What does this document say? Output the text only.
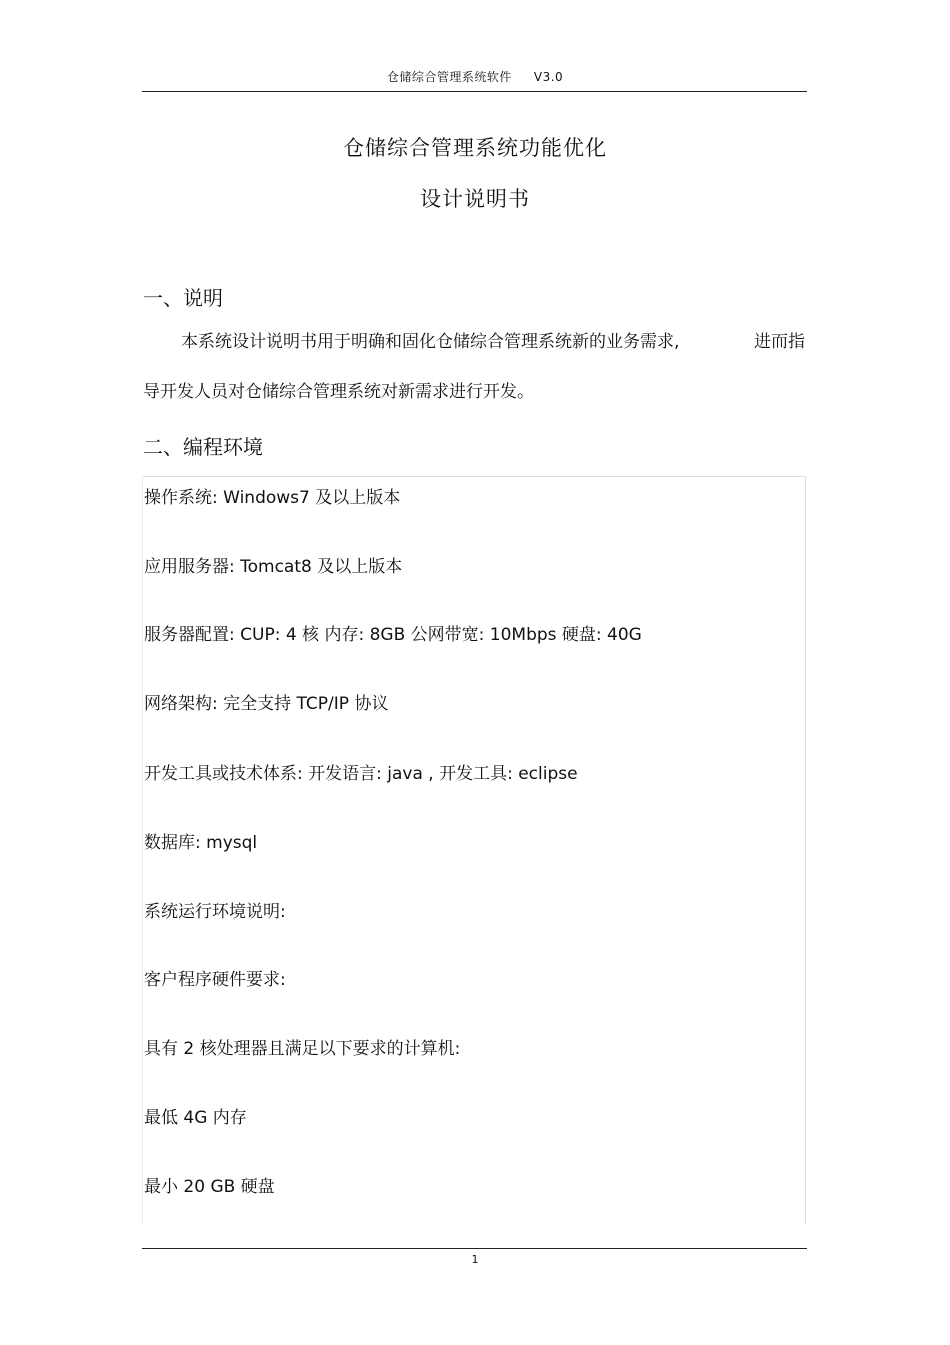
仓储综合管理系统软件 V3.0
仓储综合管理系统功能优化
设计说明书
一、说明
本系统设计说明书用于明确和固化仓储综合管理系统新的业务需求,	进而指
导开发人员对仓储综合管理系统对新需求进行开发。
二、编程环境
操作系统: Windows7 及以上版本
应用服务器: Tomcat8 及以上版本
服务器配置: CUP: 4 核 内存: 8GB 公网带宽: 10Mbps 硬盘: 40G
网络架构: 完全支持 TCP/IP 协议
开发工具或技术体系: 开发语言: java , 开发工具: eclipse
数据库: mysql
系统运行环境说明:
客户程序硬件要求:
具有 2 核处理器且满足以下要求的计算机:
最低 4G 内存
最小 20 GB 硬盘
1
